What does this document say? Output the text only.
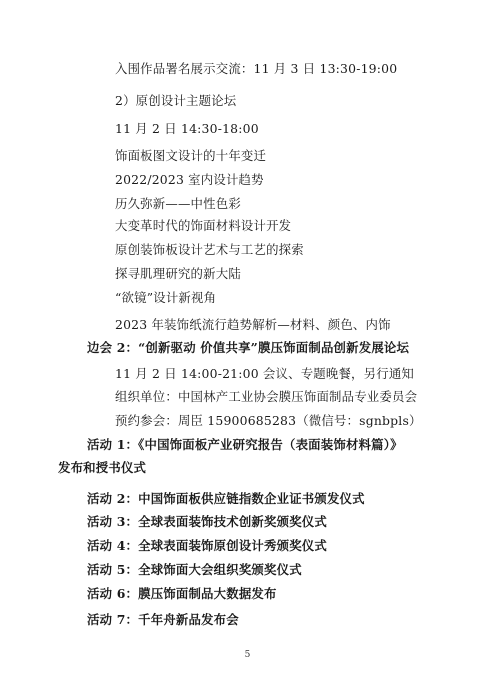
入围作品署名展示交流：11 月 3 日 13:30-19:00
2）原创设计主题论坛
11 月 2 日 14:30-18:00
饰面板图文设计的十年变迁
2022/2023 室内设计趋势
历久弥新——中性色彩
大变革时代的饰面材料设计开发
原创装饰板设计艺术与工艺的探索
探寻肌理研究的新大陆
“欲镜”设计新视角
2023 年装饰纸流行趋势解析—材料、颜色、内饰
边会 2：“创新驱动 价值共享”膜压饰面制品创新发展论坛
11 月 2 日 14:00-21:00 会议、专题晚餐，另行通知
组织单位：中国林产工业协会膜压饰面制品专业委员会
预约参会：周臣 15900685283（微信号：sgnbpls）
活动 1：《中国饰面板产业研究报告（表面装饰材料篇）》
发布和授书仪式
活动 2：中国饰面板供应链指数企业证书颁发仪式
活动 3：全球表面装饰技术创新奖颁奖仪式
活动 4：全球表面装饰原创设计秀颁奖仪式
活动 5：全球饰面大会组织奖颁奖仪式
活动 6：膜压饰面制品大数据发布
活动 7：千年舟新品发布会
5
